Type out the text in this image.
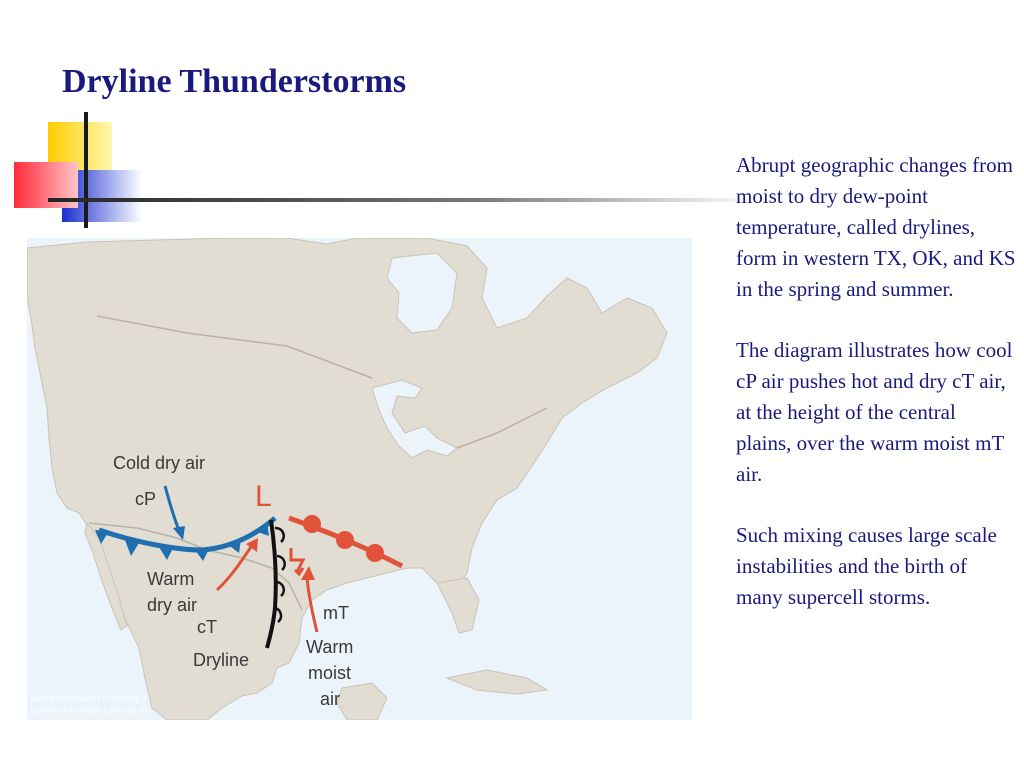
Dryline Thunderstorms

Abrupt geographic changes from moist to dry dew-point temperature, called drylines, form in western TX, OK, and KS in the spring and summer.

The diagram illustrates how cool cP air pushes hot and dry cT air, at the height of the central plains, over the warm moist mT air.

Such mixing causes large scale instabilities and the birth of many supercell storms.

L
Cold dry air
cP
Warm
dry air
cT
Dryline
mT
Warm
moist
air
©2006 Brooks/Cole Publishing a
division of Thomson Learning, Inc.
